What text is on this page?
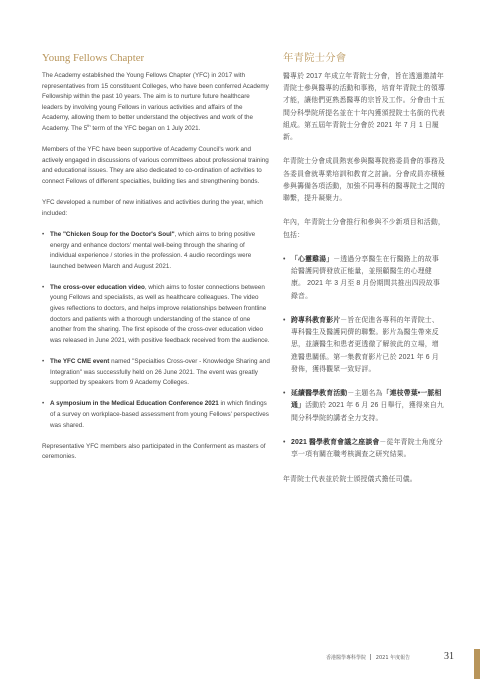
Young Fellows Chapter

The Academy established the Young Fellows Chapter (YFC) in 2017 with representatives from 15 constituent Colleges, who have been conferred Academy Fellowship within the past 10 years. The aim is to nurture future healthcare leaders by involving young Fellows in various activities and affairs of the Academy, allowing them to better understand the objectives and work of the Academy. The 5th term of the YFC began on 1 July 2021.

Members of the YFC have been supportive of Academy Council's work and actively engaged in discussions of various committees about professional training and educational issues. They are also dedicated to co-ordination of activities to connect Fellows of different specialties, building ties and strengthening bonds.

YFC developed a number of new initiatives and activities during the year, which included:

• The "Chicken Soup for the Doctor's Soul", which aims to bring positive energy and enhance doctors' mental well-being through the sharing of individual experience / stories in the profession. 4 audio recordings were launched between March and August 2021.
• The cross-over education video, which aims to foster connections between young Fellows and specialists, as well as healthcare colleagues. The video gives reflections to doctors, and helps improve relationships between frontline doctors and patients with a thorough understanding of the stance of one another from the sharing. The first episode of the cross-over education video was released in June 2021, with positive feedback received from the audience.
• The YFC CME event named "Specialties Cross-over - Knowledge Sharing and Integration" was successfully held on 26 June 2021. The event was greatly supported by speakers from 9 Academy Colleges.
• A symposium in the Medical Education Conference 2021 in which findings of a survey on workplace-based assessment from young Fellows' perspectives was shared.

Representative YFC members also participated in the Conferment as masters of ceremonies.

年青院士分會

醫專於 2017 年成立年青院士分會，旨在透過邀請年青院士參與醫專的活動和事務，培育年青院士的領導才能，讓他們更熟悉醫專的宗旨及工作。分會由十五間分科學院所提名並在十年內獲頒授院士名銜的代表組成。第五屆年青院士分會於 2021 年 7 月 1 日履新。

年青院士分會成員熱衷參與醫專院務委員會的事務及各委員會就專業培訓和教育之討論。分會成員亦積極參與籌備各項活動，加強不同專科的醫專院士之間的聯繫，提升凝聚力。

年內，年青院士分會推行和參與不少新項目和活動，包括：

• 「心靈雞湯」－透過分享醫生在行醫路上的故事給醫護同儕發放正能量，並照顧醫生的心理健康。 2021 年 3 月至 8 月份期間共推出四段故事錄音。
• 跨專科教育影片－旨在促進各專科的年青院士、專科醫生及醫護同儕的聯繫。影片為醫生帶來反思，並讓醫生和患者更透徹了解彼此的立場，增進醫患關係。第一集教育影片已於 2021 年 6 月發佈，獲得觀眾一致好評。
• 延續醫學教育活動－主題名為「連枝帶葉•一脈相通」活動於 2021 年 6 月 26 日舉行，獲得來自九間分科學院的講者全力支持。
• 2021 醫學教育會議之座談會－從年青院士角度分享一項有關在職考核調查之研究結果。

年青院士代表並於院士頒授儀式擔任司儀。

香港醫學專科學院 2021 年度報告	31
